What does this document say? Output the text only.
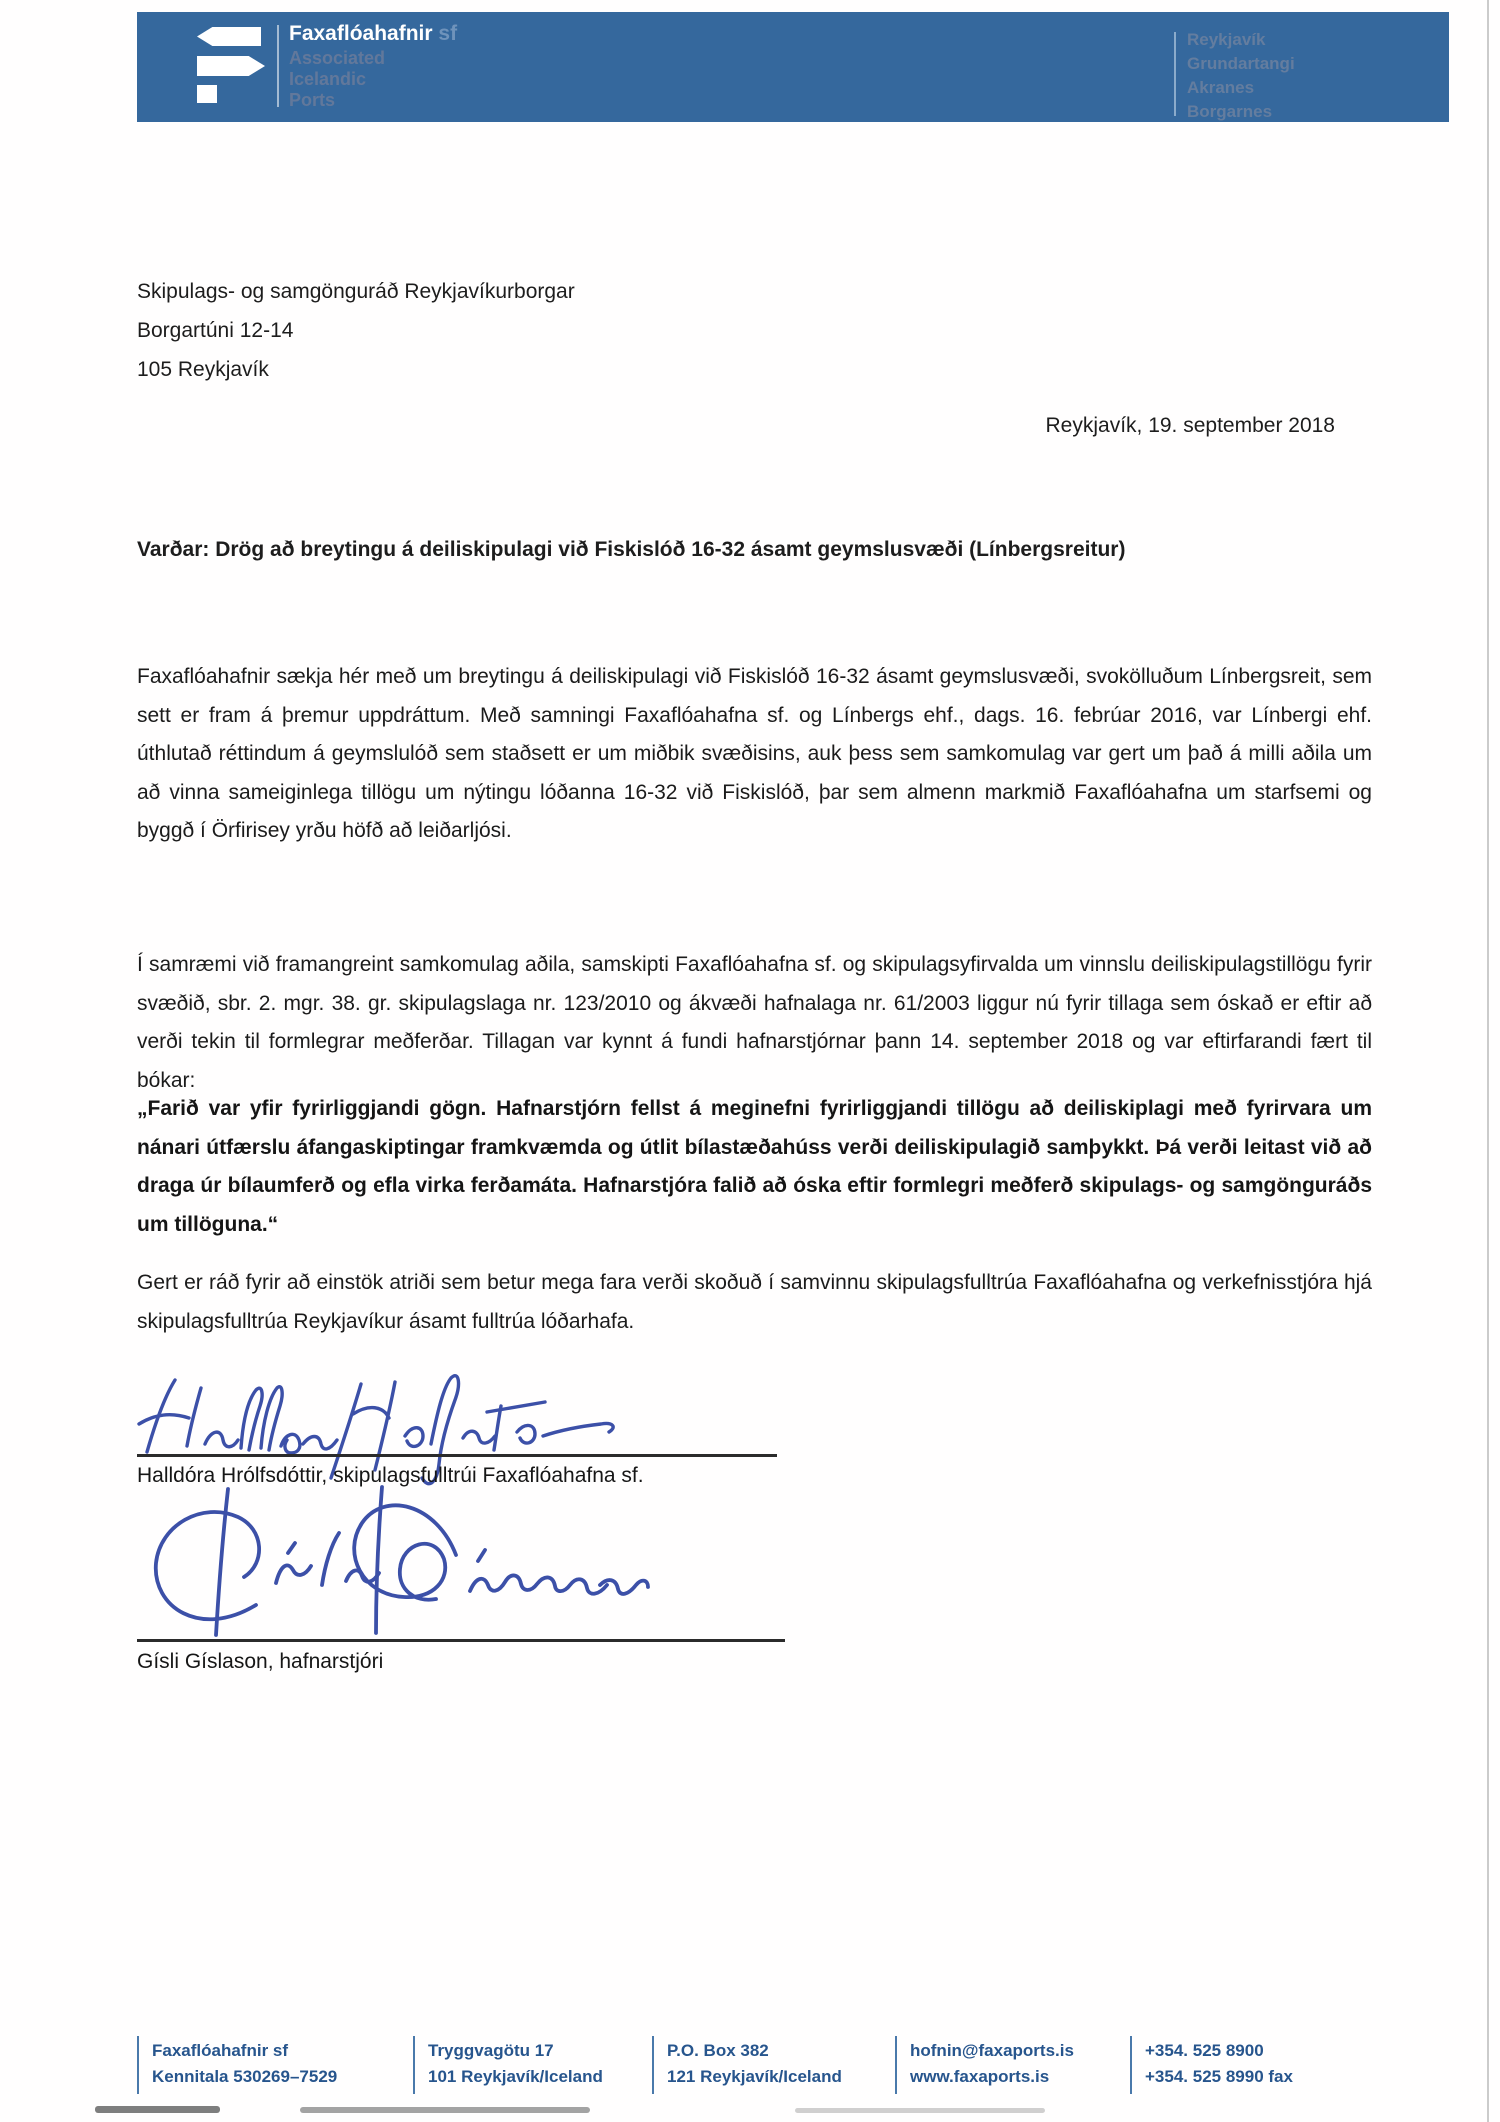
Faxaflóahafnir sf
Associated
Icelandic
Ports
Reykjavík
Grundartangi
Akranes
Borgarnes
Skipulags- og samgönguráð Reykjavíkurborgar
Borgartúni 12-14
105 Reykjavík
Reykjavík, 19. september 2018
Varðar: Drög að breytingu á deiliskipulagi við Fiskislóð 16-32 ásamt geymslusvæði (Línbergsreitur)
Faxaflóahafnir sækja hér með um breytingu á deiliskipulagi við Fiskislóð 16-32 ásamt geymslusvæði, svokölluðum Línbergsreit, sem sett er fram á þremur uppdráttum. Með samningi Faxaflóahafna sf. og Línbergs ehf., dags. 16. febrúar 2016, var Línbergi ehf. úthlutað réttindum á geymslulóð sem staðsett er um miðbik svæðisins, auk þess sem samkomulag var gert um það á milli aðila um að vinna sameiginlega tillögu um nýtingu lóðanna 16-32 við Fiskislóð, þar sem almenn markmið Faxaflóahafna um starfsemi og byggð í Örfirisey yrðu höfð að leiðarljósi.
Í samræmi við framangreint samkomulag aðila, samskipti Faxaflóahafna sf. og skipulagsyfirvalda um vinnslu deiliskipulagstillögu fyrir svæðið, sbr. 2. mgr. 38. gr. skipulagslaga nr. 123/2010 og ákvæði hafnalaga nr. 61/2003 liggur nú fyrir tillaga sem óskað er eftir að verði tekin til formlegrar meðferðar. Tillagan var kynnt á fundi hafnarstjórnar þann 14. september 2018 og var eftirfarandi fært til bókar:
„Farið var yfir fyrirliggjandi gögn. Hafnarstjórn fellst á meginefni fyrirliggjandi tillögu að deiliskiplagi með fyrirvara um nánari útfærslu áfangaskiptingar framkvæmda og útlit bílastæðahúss verði deiliskipulagið samþykkt. Þá verði leitast við að draga úr bílaumferð og efla virka ferðamáta. Hafnarstjóra falið að óska eftir formlegri meðferð skipulags- og samgönguráðs um tillöguna.“
Gert er ráð fyrir að einstök atriði sem betur mega fara verði skoðuð í samvinnu skipulagsfulltrúa Faxaflóahafna og verkefnisstjóra hjá skipulagsfulltrúa Reykjavíkur ásamt fulltrúa lóðarhafa.
Halldóra Hrólfsdóttir, skipulagsfulltrúi Faxaflóahafna sf.
Gísli Gíslason, hafnarstjóri
Faxaflóahafnir sf
Kennitala 530269–7529
Tryggvagötu 17
101 Reykjavík/Iceland
P.O. Box 382
121 Reykjavík/Iceland
hofnin@faxaports.is
www.faxaports.is
+354. 525 8900
+354. 525 8990 fax
